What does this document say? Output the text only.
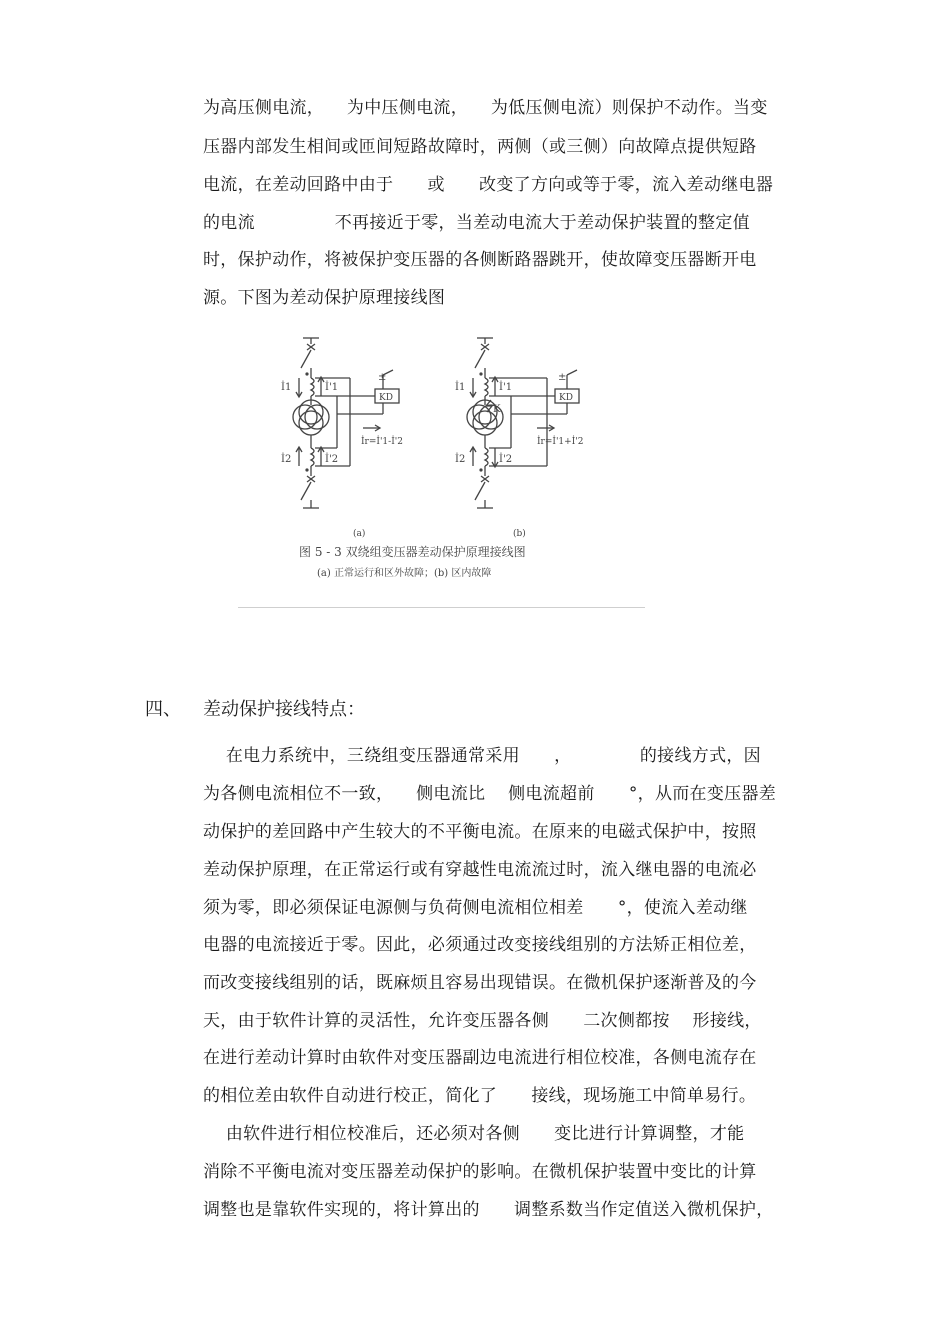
为高压侧电流，    为中压侧电流，    为低压侧电流）则保护不动作。当变
压器内部发生相间或匝间短路故障时，两侧（或三侧）向故障点提供短路
电流，在差动回路中由于      或      改变了方向或等于零，流入差动继电器
的电流              不再接近于零，当差动电流大于差动保护装置的整定值
时，保护动作，将被保护变压器的各侧断路器跳开，使故障变压器断开电
源。下图为差动保护原理接线图
İ1	İ'1
İ2	İ'2
±
KD
İr=İ'1-İ'2
İ1	İ'1
İ2	İ'2
K
±
KD
İr=İ'1+İ'2
(a)	(b)
图 5 - 3 双绕组变压器差动保护原理接线图
(a) 正常运行和区外故障；(b) 区内故障
四、 差动保护接线特点：
在电力系统中，三绕组变压器通常采用      ，            的接线方式，因
为各侧电流相位不一致，    侧电流比    侧电流超前      °，从而在变压器差
动保护的差回路中产生较大的不平衡电流。在原来的电磁式保护中，按照
差动保护原理，在正常运行或有穿越性电流流过时，流入继电器的电流必
须为零，即必须保证电源侧与负荷侧电流相位相差      °，使流入差动继
电器的电流接近于零。因此，必须通过改变接线组别的方法矫正相位差，
而改变接线组别的话，既麻烦且容易出现错误。在微机保护逐渐普及的今
天，由于软件计算的灵活性，允许变压器各侧      二次侧都按    形接线，
在进行差动计算时由软件对变压器副边电流进行相位校准，各侧电流存在
的相位差由软件自动进行校正，简化了      接线，现场施工中简单易行。
由软件进行相位校准后，还必须对各侧      变比进行计算调整，才能
消除不平衡电流对变压器差动保护的影响。在微机保护装置中变比的计算
调整也是靠软件实现的，将计算出的      调整系数当作定值送入微机保护，
